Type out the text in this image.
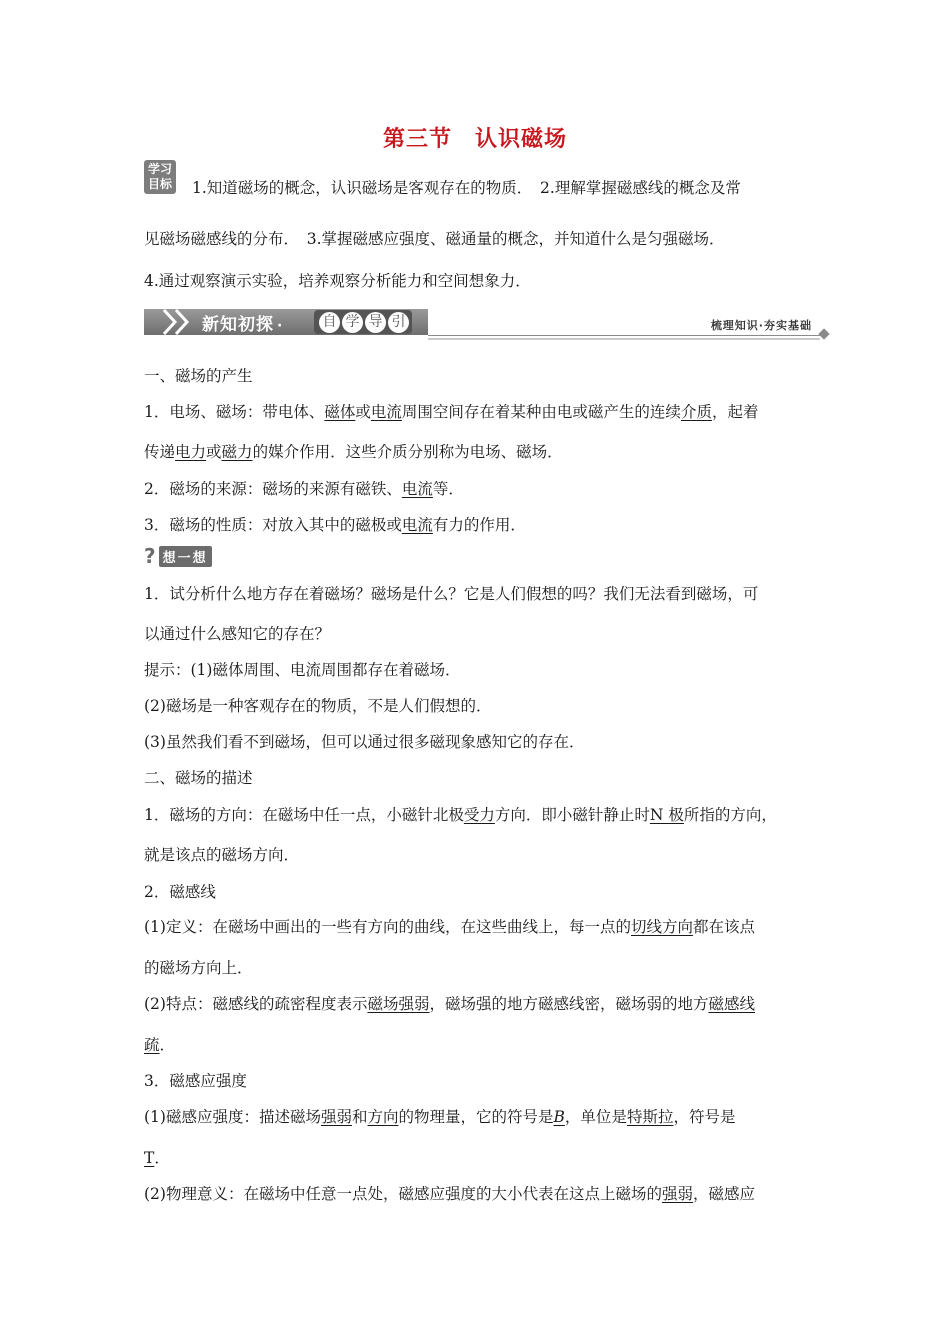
第三节　认识磁场
学习
目标 1.知道磁场的概念，认识磁场是客观存在的物质．　2.理解掌握磁感线的概念及常
见磁场磁感线的分布．　3.掌握磁感应强度、磁通量的概念，并知道什么是匀强磁场．
4.通过观察演示实验，培养观察分析能力和空间想象力．
新知初探 ·	自 学 导 引	梳理知识·夯实基础
一、磁场的产生
1．电场、磁场：带电体、磁体或电流周围空间存在着某种由电或磁产生的连续介质，起着
传递电力或磁力的媒介作用．这些介质分别称为电场、磁场．
2．磁场的来源：磁场的来源有磁铁、电流等．
3．磁场的性质：对放入其中的磁极或电流有力的作用．
? 想一想
1．试分析什么地方存在着磁场？磁场是什么？它是人们假想的吗？我们无法看到磁场，可
以通过什么感知它的存在？
提示：(1)磁体周围、电流周围都存在着磁场．
(2)磁场是一种客观存在的物质，不是人们假想的．
(3)虽然我们看不到磁场，但可以通过很多磁现象感知它的存在．
二、磁场的描述
1．磁场的方向：在磁场中任一点，小磁针北极受力方向．即小磁针静止时N 极所指的方向，
就是该点的磁场方向．
2．磁感线
(1)定义：在磁场中画出的一些有方向的曲线，在这些曲线上，每一点的切线方向都在该点
的磁场方向上．
(2)特点：磁感线的疏密程度表示磁场强弱，磁场强的地方磁感线密，磁场弱的地方磁感线
疏．
3．磁感应强度
(1)磁感应强度：描述磁场强弱和方向的物理量，它的符号是B，单位是特斯拉，符号是
T．
(2)物理意义：在磁场中任意一点处，磁感应强度的大小代表在这点上磁场的强弱，磁感应
